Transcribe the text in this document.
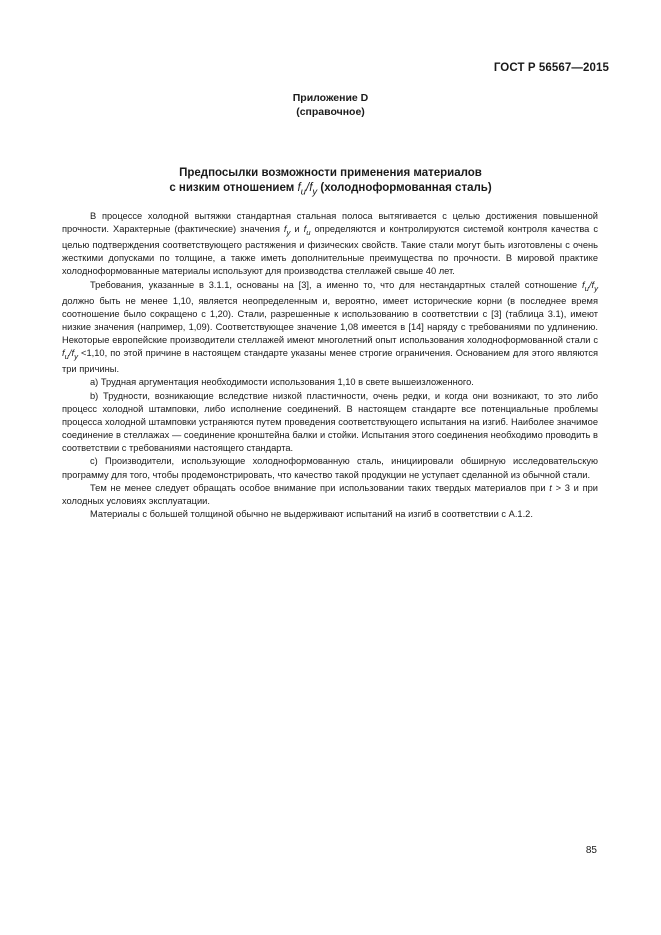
ГОСТ Р 56567—2015
Приложение D
(справочное)
Предпосылки возможности применения материалов
с низким отношением $f_u/f_y$ (холоднoформованная сталь)

В процессе холодной вытяжки стандартная стальная полоса вытягивается с целью достижения повышенной прочности. Характерные (фактические) значения $f_y$ и $f_u$ определяются и контролируются системой контроля качества с целью подтверждения соответствующего растяжения и физических свойств. Такие стали могут быть изготовлены с очень жесткими допусками по толщине, а также иметь дополнительные преимущества по прочности. В мировой практике холодноформованные материалы используют для производства стеллажей свыше 40 лет.

Требования, указанные в 3.1.1, основаны на [3], а именно то, что для нестандартных сталей сотношение $f_u/f_y$ должно быть не менее 1,10, является неопределенным и, вероятно, имеет исторические корни (в последнее время соотношение было сокращено с 1,20). Стали, разрешенные к использованию в соответствии с [3] (таблица 3.1), имеют низкие значения (например, 1,09). Соответствующее значение 1,08 имеется в [14] наряду с требованиями по удлинению. Некоторые европейские производители стеллажей имеют многолетний опыт использования холодноформованной стали с $f_u/f_y <1,10$, по этой причине в настоящем стандарте указаны менее строгие ограничения. Основанием для этого являются три причины.

a) Трудная аргументация необходимости использования 1,10 в свете вышеизложенного.

b) Трудности, возникающие вследствие низкой пластичности, очень редки, и когда они возникают, то это либо процесс холодной штамповки, либо исполнение соединений. В настоящем стандарте все потенциальные проблемы процесса холодной штамповки устраняются путем проведения соответствующего испытания на изгиб. Наиболее значимое соединение в стеллажах — соединение кронштейна балки и стойки. Испытания этого соединения необходимо проводить в соответствии с требованиями настоящего стандарта.

c) Производители, использующие холодноформованную сталь, инициировали обширную исследовательскую программу для того, чтобы продемонстрировать, что качество такой продукции не уступает сделанной из обычной стали.

Тем не менее следует обращать особое внимание при использовании таких твердых материалов при t > 3 и при холодных условиях эксплуатации.

Материалы с большей толщиной обычно не выдерживают испытаний на изгиб в соответствии с А.1.2.

85
